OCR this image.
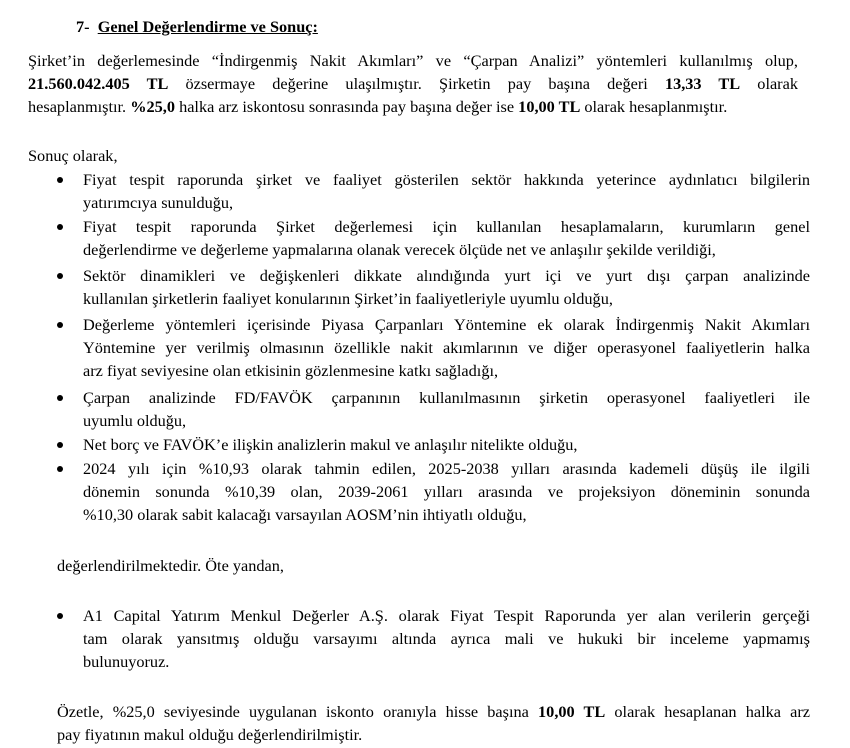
7- Genel Değerlendirme ve Sonuç:
Şirket’in değerlemesinde “İndirgenmiş Nakit Akımları” ve “Çarpan Analizi” yöntemleri kullanılmış olup,
21.560.042.405 TL özsermaye değerine ulaşılmıştır. Şirketin pay başına değeri 13,33 TL olarak
hesaplanmıştır. %25,0 halka arz iskontosu sonrasında pay başına değer ise 10,00 TL olarak hesaplanmıştır.
Sonuç olarak,
Fiyat tespit raporunda şirket ve faaliyet gösterilen sektör hakkında yeterince aydınlatıcı bilgilerin
yatırımcıya sunulduğu,
Fiyat tespit raporunda Şirket değerlemesi için kullanılan hesaplamaların, kurumların genel
değerlendirme ve değerleme yapmalarına olanak verecek ölçüde net ve anlaşılır şekilde verildiği,
Sektör dinamikleri ve değişkenleri dikkate alındığında yurt içi ve yurt dışı çarpan analizinde
kullanılan şirketlerin faaliyet konularının Şirket’in faaliyetleriyle uyumlu olduğu,
Değerleme yöntemleri içerisinde Piyasa Çarpanları Yöntemine ek olarak İndirgenmiş Nakit Akımları
Yöntemine yer verilmiş olmasının özellikle nakit akımlarının ve diğer operasyonel faaliyetlerin halka
arz fiyat seviyesine olan etkisinin gözlenmesine katkı sağladığı,
Çarpan analizinde FD/FAVÖK çarpanının kullanılmasının şirketin operasyonel faaliyetleri ile
uyumlu olduğu,
Net borç ve FAVÖK’e ilişkin analizlerin makul ve anlaşılır nitelikte olduğu,
2024 yılı için %10,93 olarak tahmin edilen, 2025-2038 yılları arasında kademeli düşüş ile ilgili
dönemin sonunda %10,39 olan, 2039-2061 yılları arasında ve projeksiyon döneminin sonunda
%10,30 olarak sabit kalacağı varsayılan AOSM’nin ihtiyatlı olduğu,
değerlendirilmektedir. Öte yandan,
A1 Capital Yatırım Menkul Değerler A.Ş. olarak Fiyat Tespit Raporunda yer alan verilerin gerçeği
tam olarak yansıtmış olduğu varsayımı altında ayrıca mali ve hukuki bir inceleme yapmamış
bulunuyoruz.
Özetle, %25,0 seviyesinde uygulanan iskonto oranıyla hisse başına 10,00 TL olarak hesaplanan halka arz
pay fiyatının makul olduğu değerlendirilmiştir.
